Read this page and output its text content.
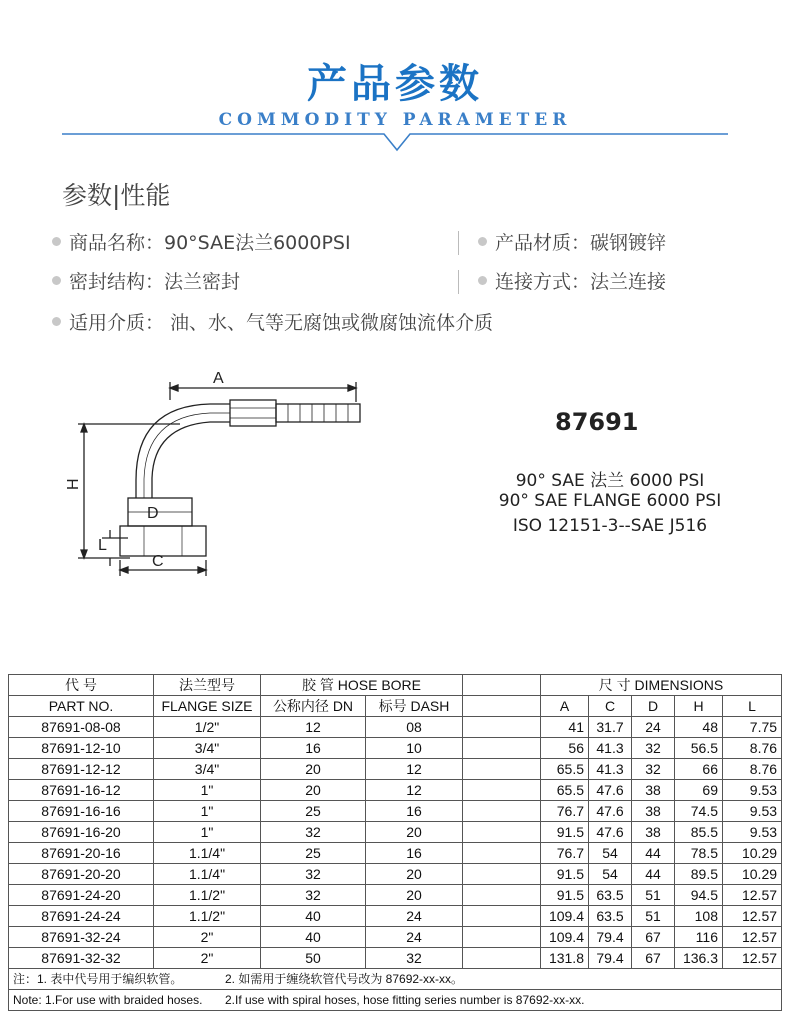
产品参数
COMMODITY PARAMETER
参数|性能
商品名称：90°SAE法兰6000PSI	产品材质：碳钢镀锌
密封结构：法兰密封	连接方式：法兰连接
适用介质： 油、水、气等无腐蚀或微腐蚀流体介质
A
H
L
C
D
87691
90° SAE 法兰 6000 PSI
90° SAE FLANGE 6000 PSI
ISO 12151-3--SAE J516
代 号	法兰型号	胶 管 HOSE BORE			尺 寸 DIMENSIONS				
PART NO.	FLANGE SIZE	公称内径 DN	标号 DASH		A	C	D	H	L
87691-08-08	1/2"	12	08		41	31.7	24	48	7.75
87691-12-10	3/4"	16	10		56	41.3	32	56.5	8.76
87691-12-12	3/4"	20	12		65.5	41.3	32	66	8.76
87691-16-12	1"	20	12		65.5	47.6	38	69	9.53
87691-16-16	1"	25	16		76.7	47.6	38	74.5	9.53
87691-16-20	1"	32	20		91.5	47.6	38	85.5	9.53
87691-20-16	1.1/4"	25	16		76.7	54	44	78.5	10.29
87691-20-20	1.1/4"	32	20		91.5	54	44	89.5	10.29
87691-24-20	1.1/2"	32	20		91.5	63.5	51	94.5	12.57
87691-24-24	1.1/2"	40	24		109.4	63.5	51	108	12.57
87691-32-24	2"	40	24		109.4	79.4	67	116	12.57
87691-32-32	2"	50	32		131.8	79.4	67	136.3	12.57
注：1. 表中代号用于编织软管。 2. 如需用于缠绕软管代号改为 87692-xx-xx。									
Note: 1.For use with braided hoses. 2.If use with spiral hoses, hose fitting series number is 87692-xx-xx.									
